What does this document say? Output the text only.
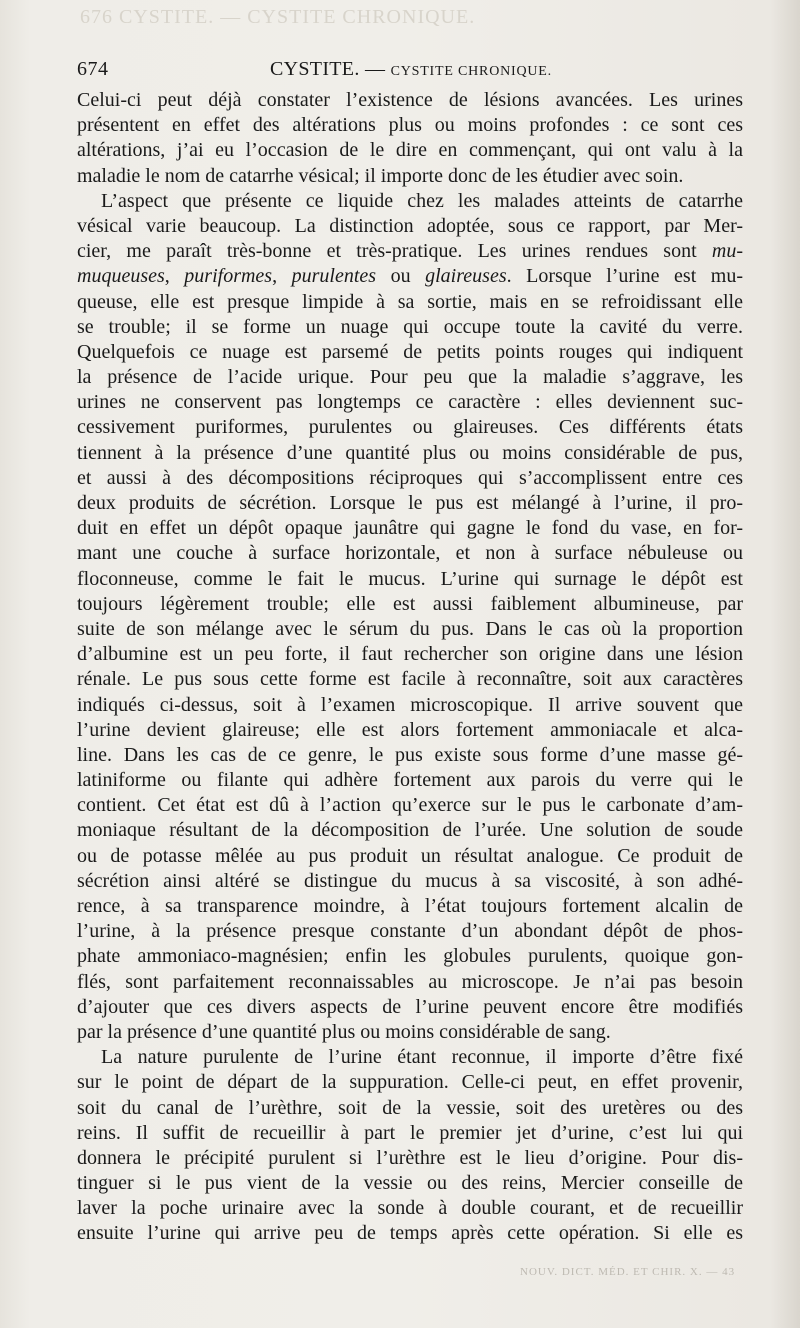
676 CYSTITE. — CYSTITE CHRONIQUE.
674	CYSTITE. — CYSTITE CHRONIQUE.
Celui-ci peut déjà constater l’existence de lésions avancées. Les urines
présentent en effet des altérations plus ou moins profondes : ce sont ces
altérations, j’ai eu l’occasion de le dire en commençant, qui ont valu à la
maladie le nom de catarrhe vésical; il importe donc de les étudier avec soin.
L’aspect que présente ce liquide chez les malades atteints de catarrhe
vésical varie beaucoup. La distinction adoptée, sous ce rapport, par Mer-
cier, me paraît très-bonne et très-pratique. Les urines rendues sont mu-
muqueuses, puriformes, purulentes ou glaireuses. Lorsque l’urine est mu-
queuse, elle est presque limpide à sa sortie, mais en se refroidissant elle
se trouble; il se forme un nuage qui occupe toute la cavité du verre.
Quelquefois ce nuage est parsemé de petits points rouges qui indiquent
la présence de l’acide urique. Pour peu que la maladie s’aggrave, les
urines ne conservent pas longtemps ce caractère : elles deviennent suc-
cessivement puriformes, purulentes ou glaireuses. Ces différents états
tiennent à la présence d’une quantité plus ou moins considérable de pus,
et aussi à des décompositions réciproques qui s’accomplissent entre ces
deux produits de sécrétion. Lorsque le pus est mélangé à l’urine, il pro-
duit en effet un dépôt opaque jaunâtre qui gagne le fond du vase, en for-
mant une couche à surface horizontale, et non à surface nébuleuse ou
floconneuse, comme le fait le mucus. L’urine qui surnage le dépôt est
toujours légèrement trouble; elle est aussi faiblement albumineuse, par
suite de son mélange avec le sérum du pus. Dans le cas où la proportion
d’albumine est un peu forte, il faut rechercher son origine dans une lésion
rénale. Le pus sous cette forme est facile à reconnaître, soit aux caractères
indiqués ci-dessus, soit à l’examen microscopique. Il arrive souvent que
l’urine devient glaireuse; elle est alors fortement ammoniacale et alca-
line. Dans les cas de ce genre, le pus existe sous forme d’une masse gé-
latiniforme ou filante qui adhère fortement aux parois du verre qui le
contient. Cet état est dû à l’action qu’exerce sur le pus le carbonate d’am-
moniaque résultant de la décomposition de l’urée. Une solution de soude
ou de potasse mêlée au pus produit un résultat analogue. Ce produit de
sécrétion ainsi altéré se distingue du mucus à sa viscosité, à son adhé-
rence, à sa transparence moindre, à l’état toujours fortement alcalin de
l’urine, à la présence presque constante d’un abondant dépôt de phos-
phate ammoniaco-magnésien; enfin les globules purulents, quoique gon-
flés, sont parfaitement reconnaissables au microscope. Je n’ai pas besoin
d’ajouter que ces divers aspects de l’urine peuvent encore être modifiés
par la présence d’une quantité plus ou moins considérable de sang.
La nature purulente de l’urine étant reconnue, il importe d’être fixé
sur le point de départ de la suppuration. Celle-ci peut, en effet provenir,
soit du canal de l’urèthre, soit de la vessie, soit des uretères ou des
reins. Il suffit de recueillir à part le premier jet d’urine, c’est lui qui
donnera le précipité purulent si l’urèthre est le lieu d’origine. Pour dis-
tinguer si le pus vient de la vessie ou des reins, Mercier conseille de
laver la poche urinaire avec la sonde à double courant, et de recueillir
ensuite l’urine qui arrive peu de temps après cette opération. Si elle es
NOUV. DICT. MÉD. ET CHIR. X. — 43
